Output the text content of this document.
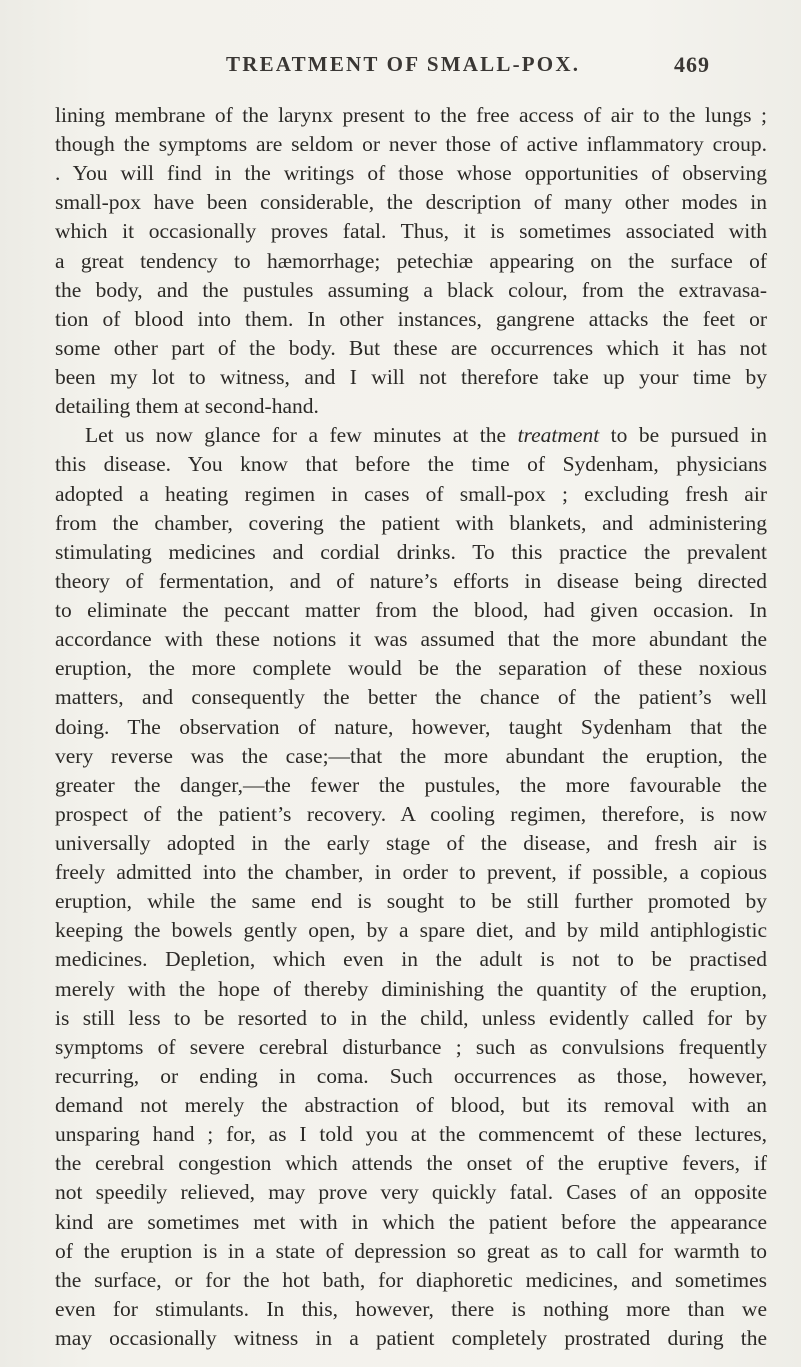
TREATMENT OF SMALL-POX.	469
lining membrane of the larynx present to the free access of air to the lungs ;
though the symptoms are seldom or never those of active inflammatory croup.
. You will find in the writings of those whose opportunities of observing
small-pox have been considerable, the description of many other modes in
which it occasionally proves fatal. Thus, it is sometimes associated with
a great tendency to hæmorrhage; petechiæ appearing on the surface of
the body, and the pustules assuming a black colour, from the extravasa-
tion of blood into them. In other instances, gangrene attacks the feet or
some other part of the body. But these are occurrences which it has not
been my lot to witness, and I will not therefore take up your time by
detailing them at second-hand.
Let us now glance for a few minutes at the treatment to be pursued in
this disease. You know that before the time of Sydenham, physicians
adopted a heating regimen in cases of small-pox ; excluding fresh air
from the chamber, covering the patient with blankets, and administering
stimulating medicines and cordial drinks. To this practice the prevalent
theory of fermentation, and of nature’s efforts in disease being directed
to eliminate the peccant matter from the blood, had given occasion. In
accordance with these notions it was assumed that the more abundant the
eruption, the more complete would be the separation of these noxious
matters, and consequently the better the chance of the patient’s well
doing. The observation of nature, however, taught Sydenham that the
very reverse was the case;—that the more abundant the eruption, the
greater the danger,—the fewer the pustules, the more favourable the
prospect of the patient’s recovery. A cooling regimen, therefore, is now
universally adopted in the early stage of the disease, and fresh air is
freely admitted into the chamber, in order to prevent, if possible, a copious
eruption, while the same end is sought to be still further promoted by
keeping the bowels gently open, by a spare diet, and by mild antiphlogistic
medicines. Depletion, which even in the adult is not to be practised
merely with the hope of thereby diminishing the quantity of the eruption,
is still less to be resorted to in the child, unless evidently called for by
symptoms of severe cerebral disturbance ; such as convulsions frequently
recurring, or ending in coma. Such occurrences as those, however,
demand not merely the abstraction of blood, but its removal with an
unsparing hand ; for, as I told you at the commencemt of these lectures,
the cerebral congestion which attends the onset of the eruptive fevers, if
not speedily relieved, may prove very quickly fatal. Cases of an opposite
kind are sometimes met with in which the patient before the appearance
of the eruption is in a state of depression so great as to call for warmth to
the surface, or for the hot bath, for diaphoretic medicines, and sometimes
even for stimulants. In this, however, there is nothing more than we
may occasionally witness in a patient completely prostrated during the
